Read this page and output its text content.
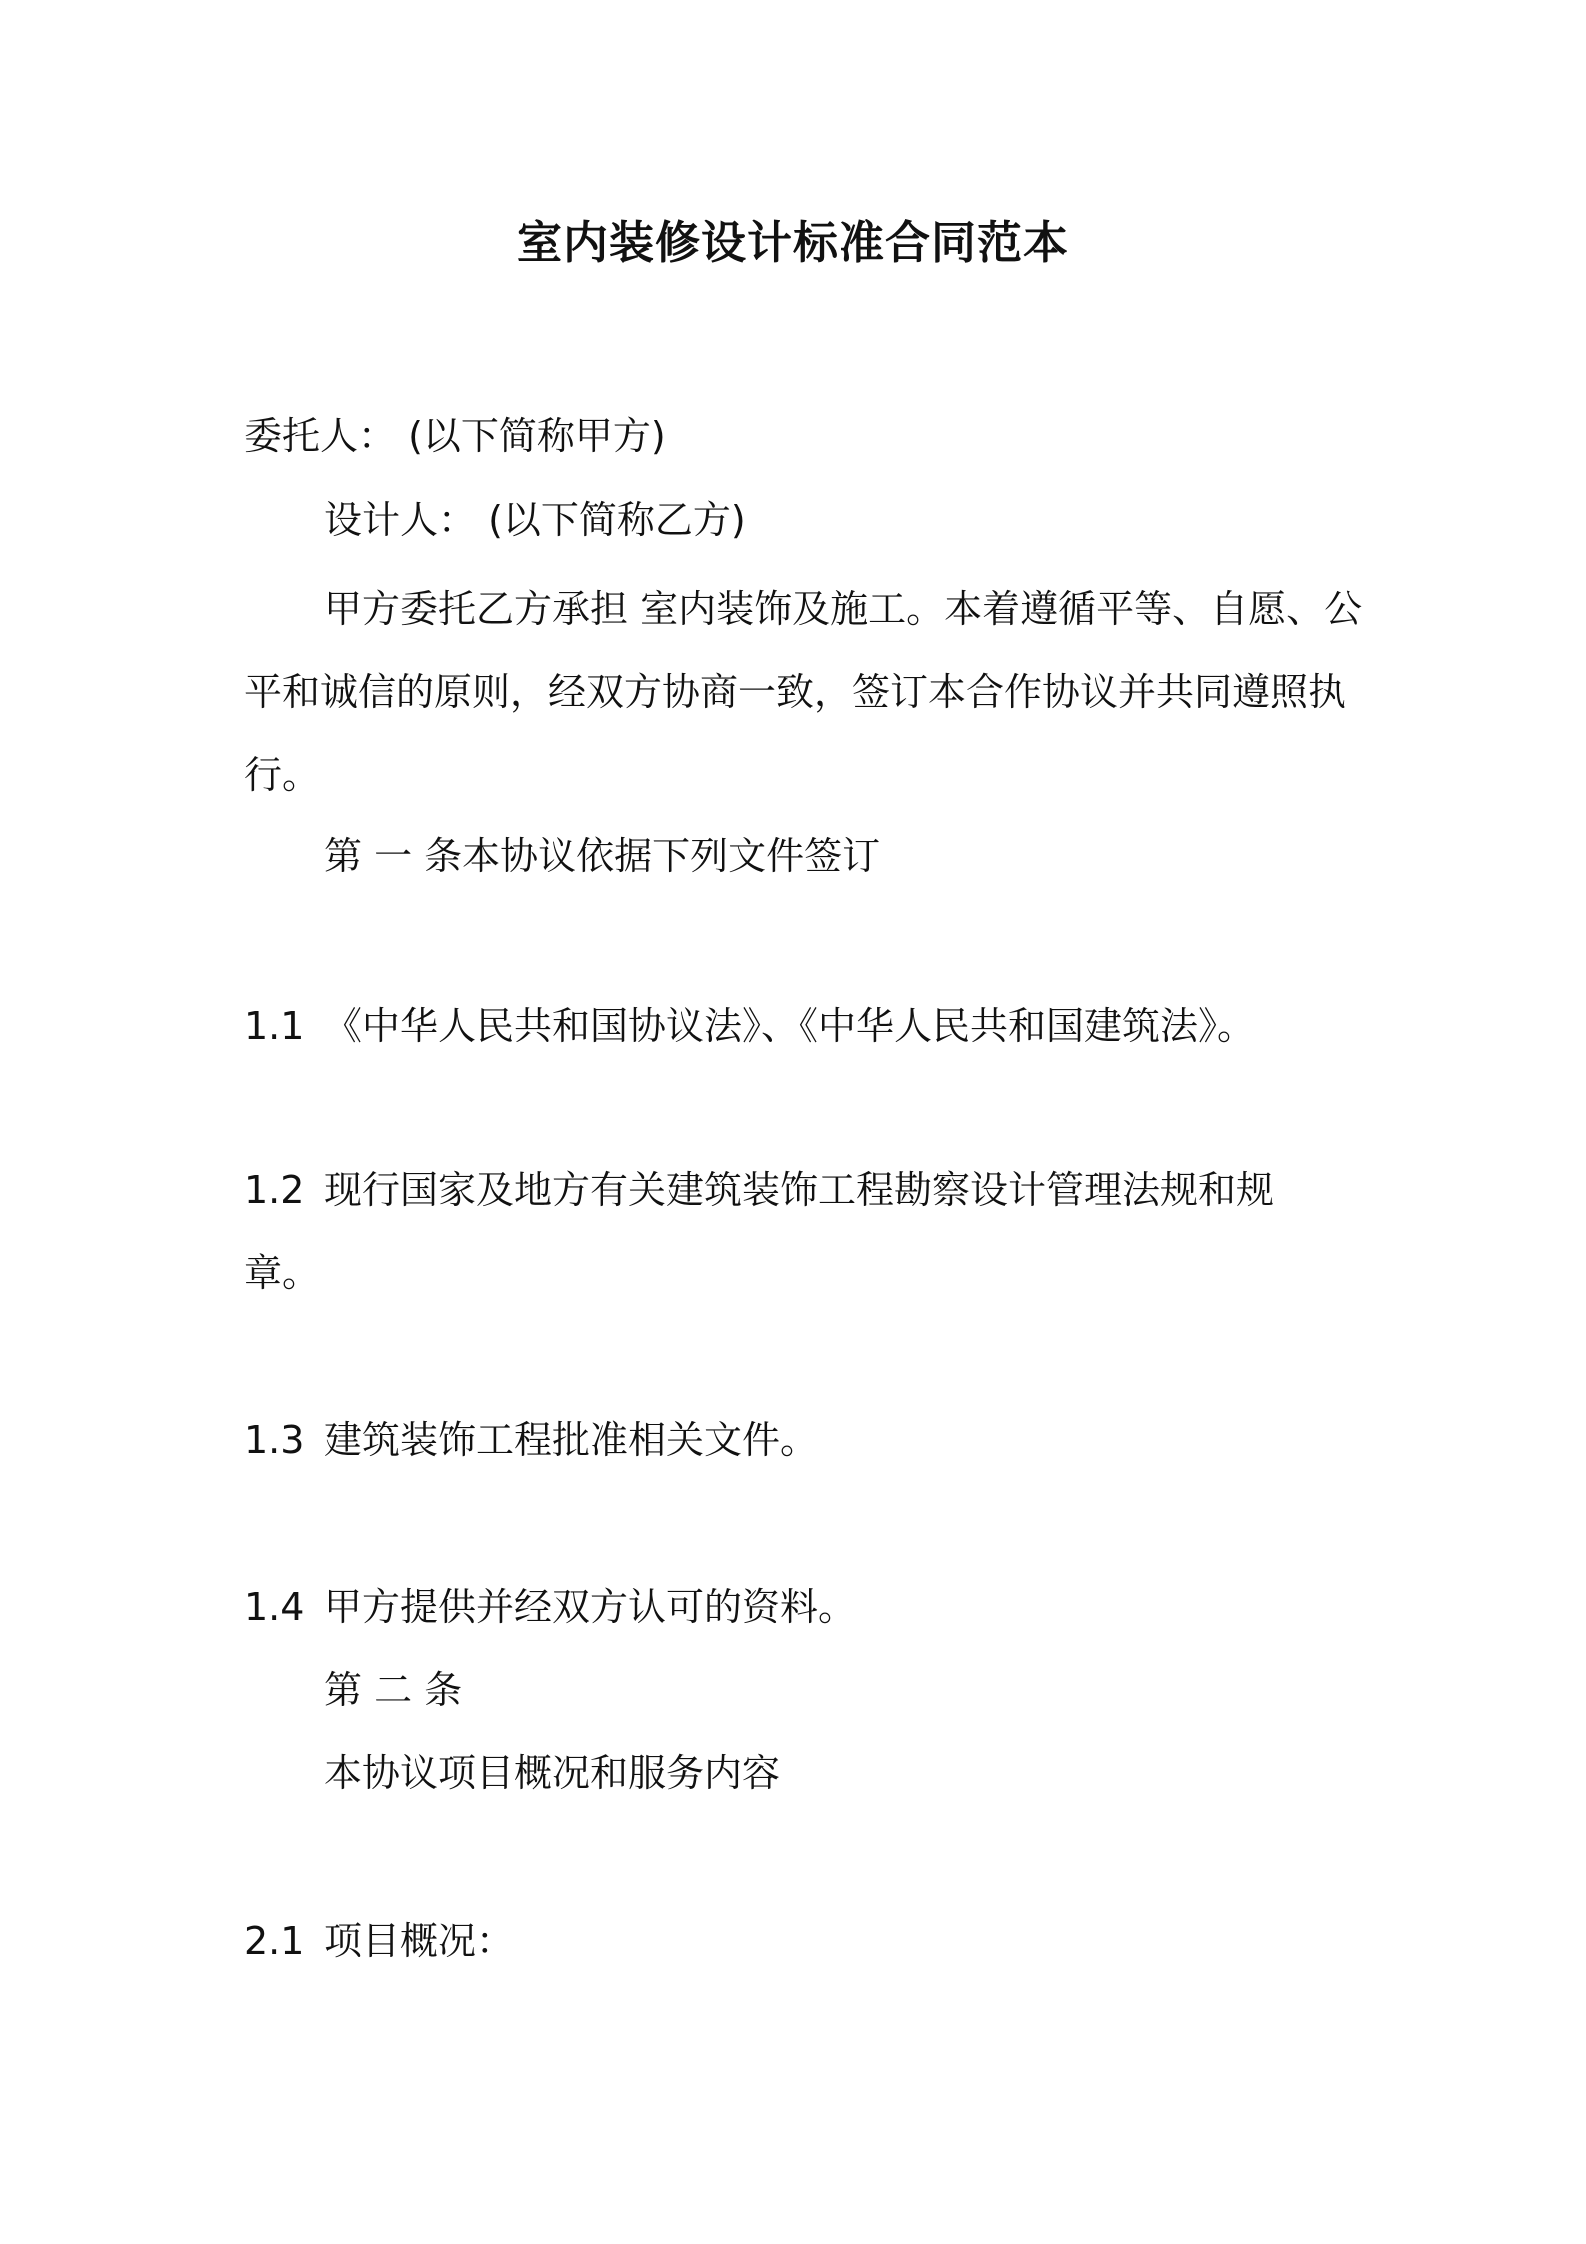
室内装修设计标准合同范本
委托人： (以下简称甲方)
设计人： (以下简称乙方)
甲方委托乙方承担 室内装饰及施工。本着遵循平等、自愿、公平和诚信的原则，经双方协商一致，签订本合作协议并共同遵照执行。
第 一 条本协议依据下列文件签订
1.1 《中华人民共和国协议法》、《中华人民共和国建筑法》。
1.2 现行国家及地方有关建筑装饰工程勘察设计管理法规和规
章。
1.3 建筑装饰工程批准相关文件。
1.4 甲方提供并经双方认可的资料。
第 二 条
本协议项目概况和服务内容
2.1 项目概况：
